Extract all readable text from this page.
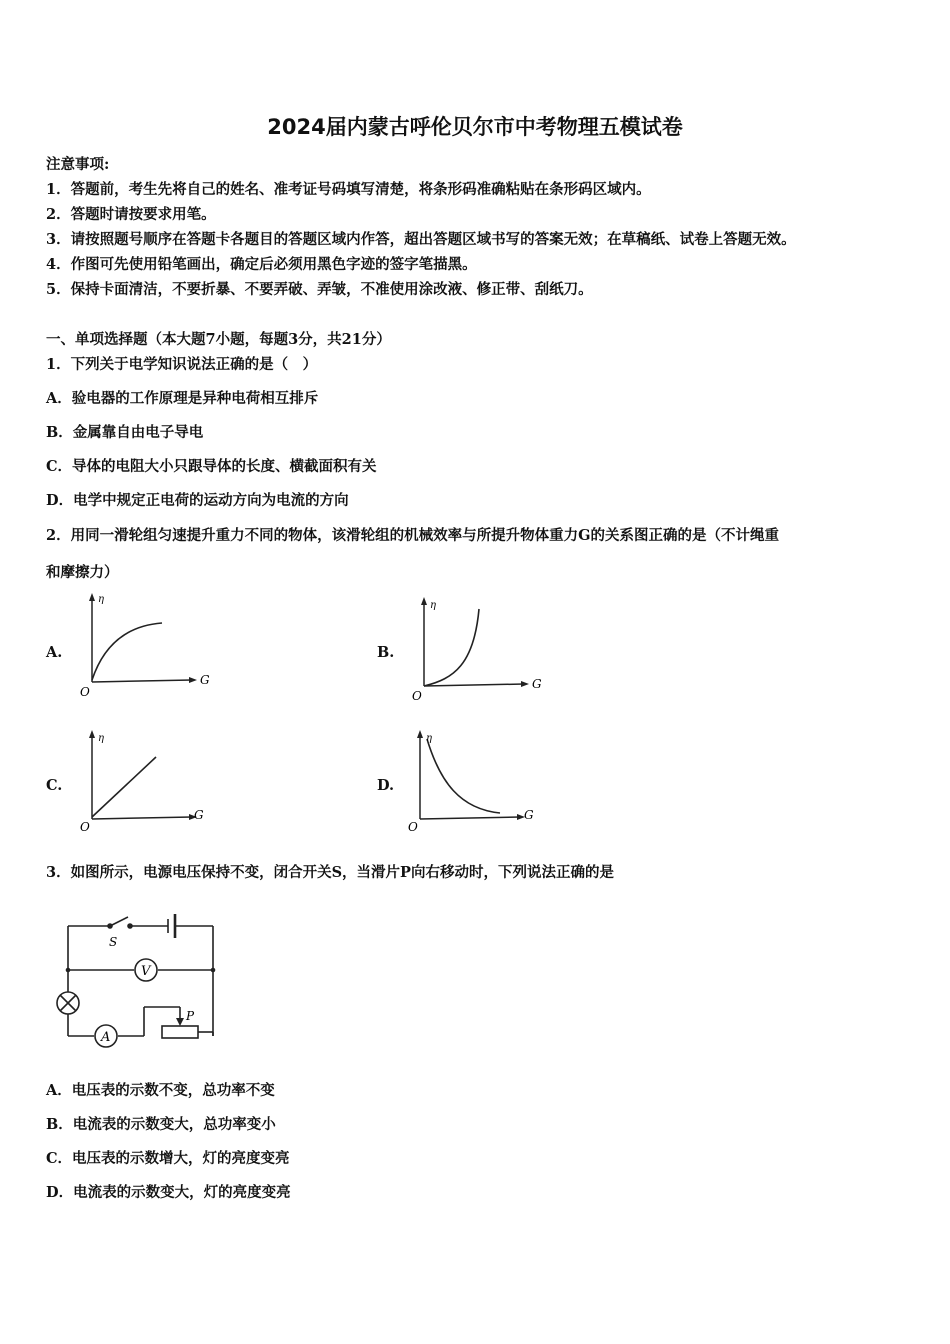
2024届内蒙古呼伦贝尔市中考物理五模试卷
注意事项:
1．答题前，考生先将自己的姓名、准考证号码填写清楚，将条形码准确粘贴在条形码区域内。
2．答题时请按要求用笔。
3．请按照题号顺序在答题卡各题目的答题区域内作答，超出答题区域书写的答案无效；在草稿纸、试卷上答题无效。
4．作图可先使用铅笔画出，确定后必须用黑色字迹的签字笔描黑。
5．保持卡面清洁，不要折暴、不要弄破、弄皱，不准使用涂改液、修正带、刮纸刀。
一、单项选择题（本大题7小题，每题3分，共21分）
1．下列关于电学知识说法正确的是（　）
A．验电器的工作原理是异种电荷相互排斥
B．金属靠自由电子导电
C．导体的电阻大小只跟导体的长度、横截面积有关
D．电学中规定正电荷的运动方向为电流的方向
2．用同一滑轮组匀速提升重力不同的物体，该滑轮组的机械效率与所提升物体重力G的关系图正确的是（不计绳重
和摩擦力）
A.	B.
C.	D.
η
G
O
η
G
O
η
G
O
η
G
O
3．如图所示，电源电压保持不变，闭合开关S，当滑片P向右移动时，下列说法正确的是
S
V
A
P
A．电压表的示数不变，总功率不变
B．电流表的示数变大，总功率变小
C．电压表的示数增大，灯的亮度变亮
D．电流表的示数变大，灯的亮度变亮
